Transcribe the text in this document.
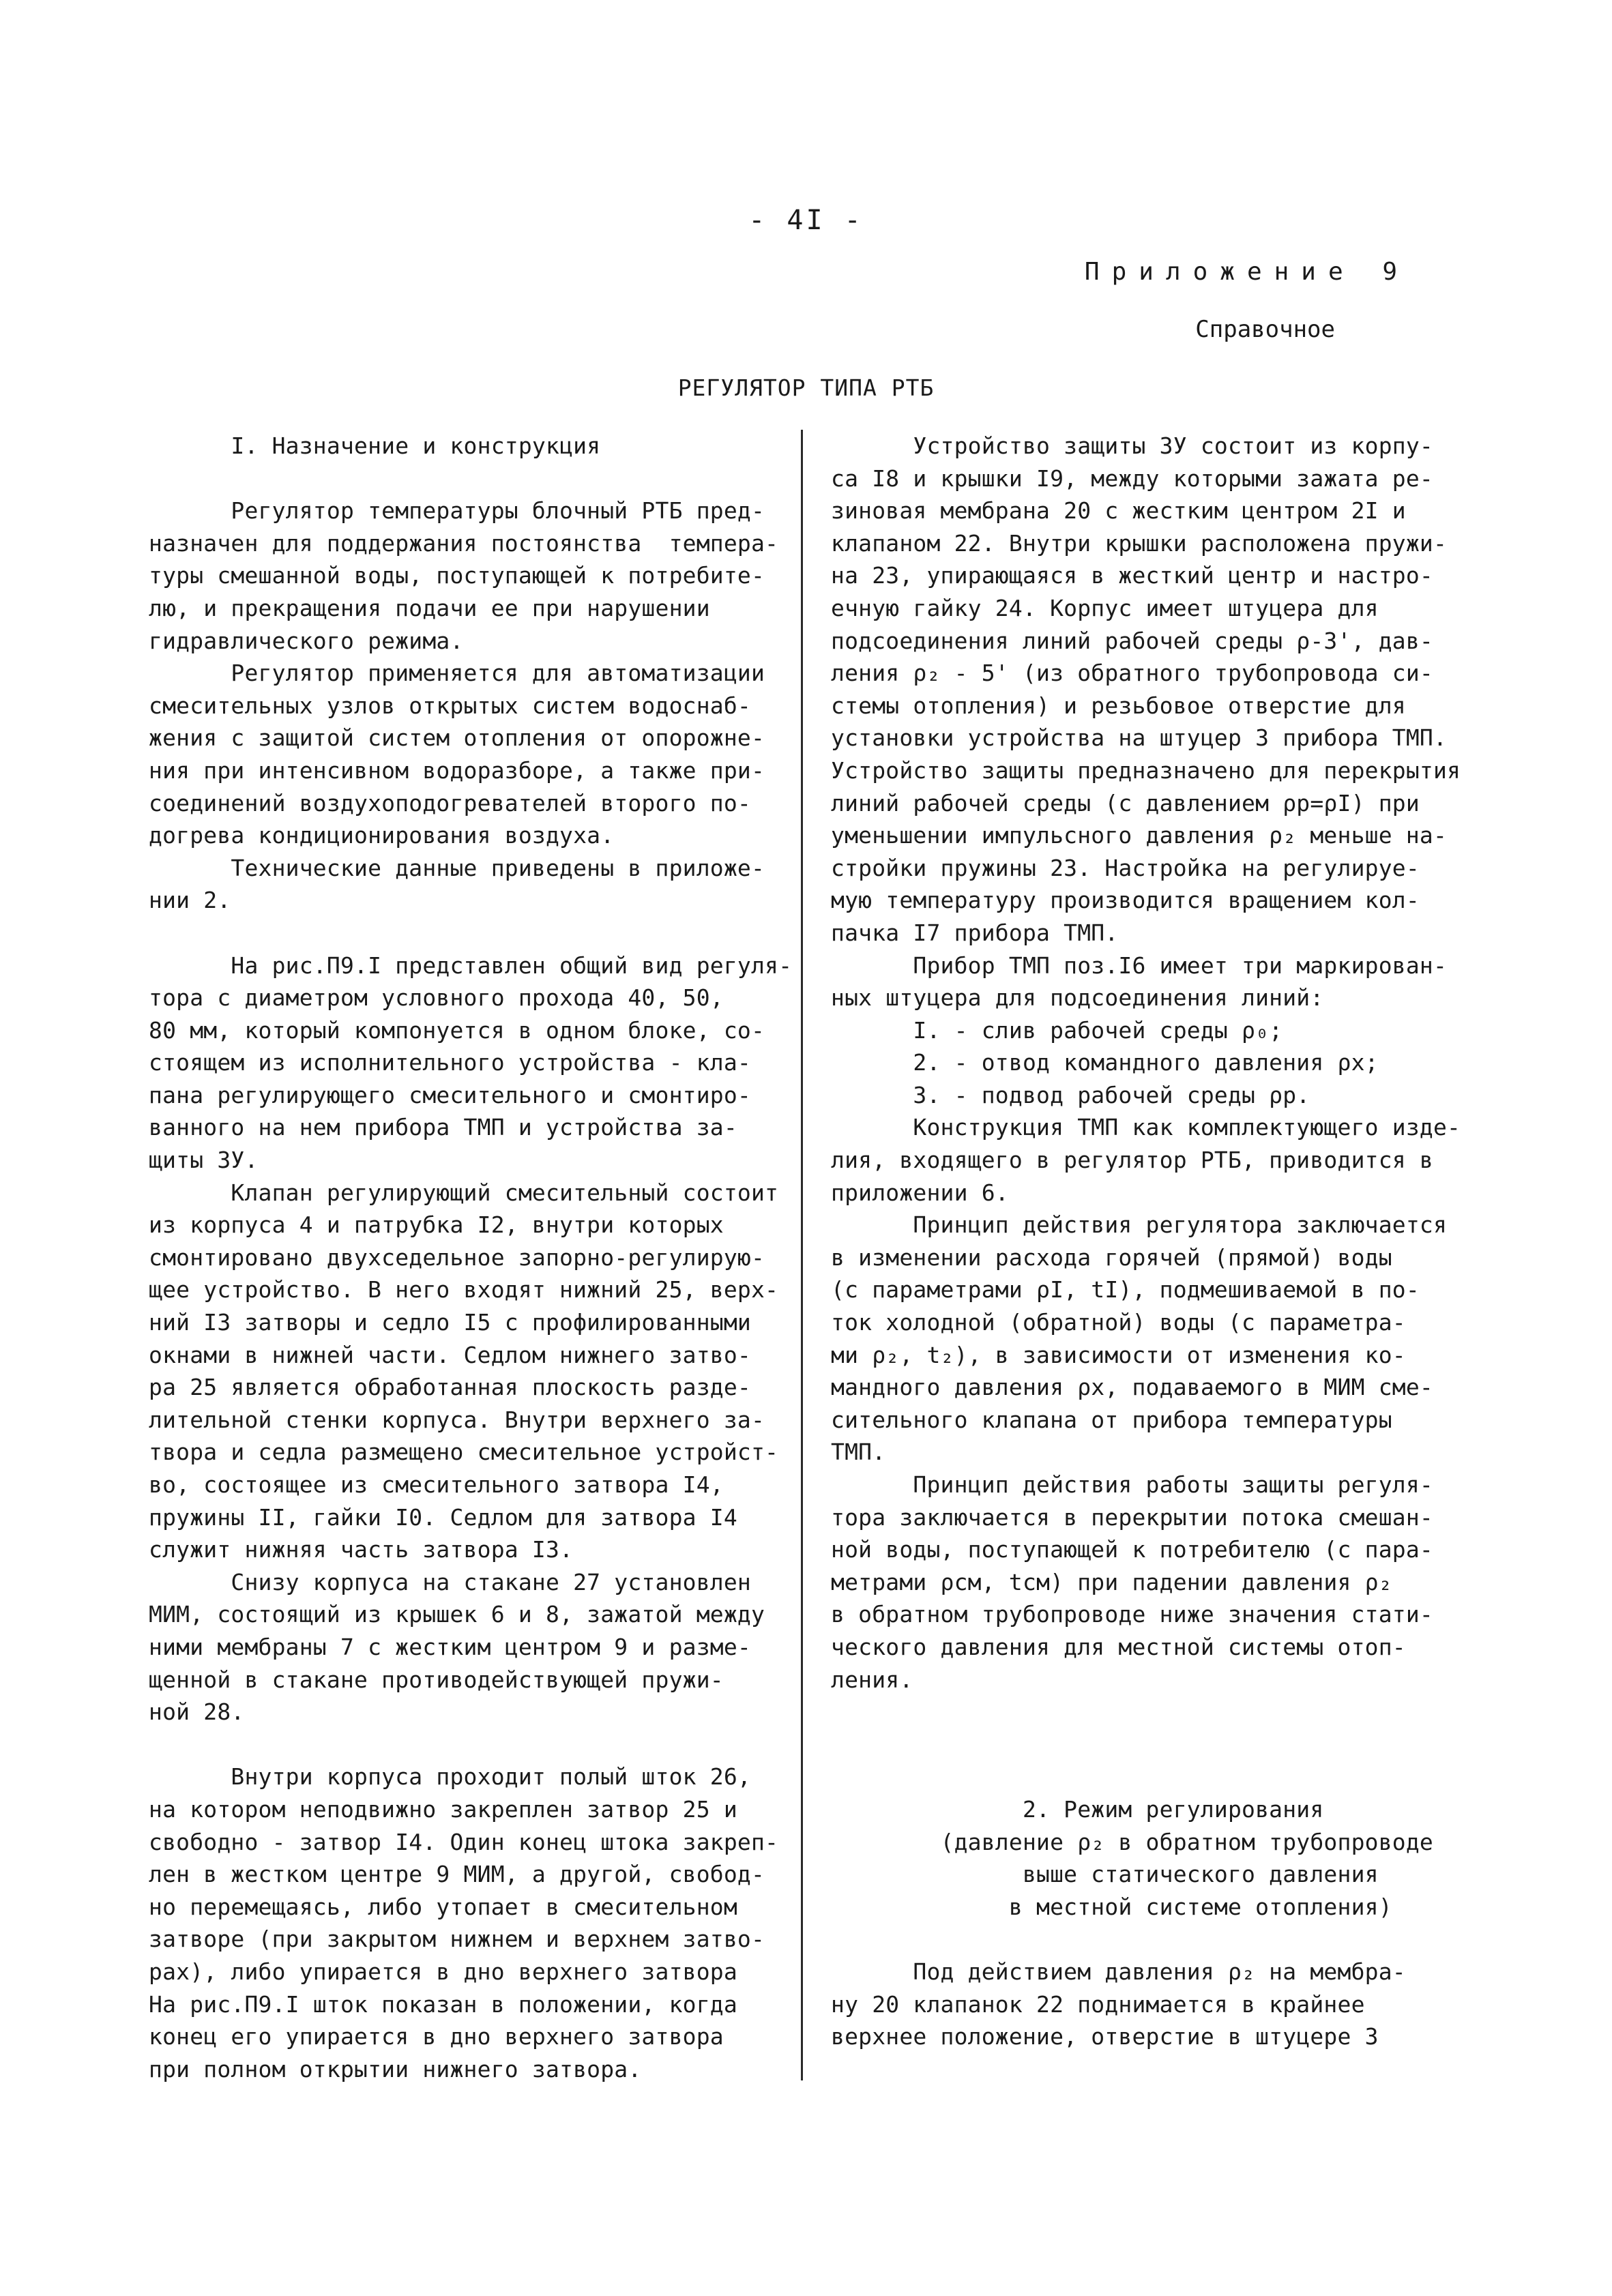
- 4I -
Приложение 9
Справочное
РЕГУЛЯТОР ТИПА РТБ
I. Назначение и конструкция

Регулятор температуры блочный РТБ пред-
назначен для поддержания постоянства  темпера-
туры смешанной воды, поступающей к потребите-
лю, и прекращения подачи ее при нарушении
гидравлического режима.
Регулятор применяется для автоматизации
смесительных узлов открытых систем водоснаб-
жения с защитой систем отопления от опорожне-
ния при интенсивном водоразборе, а также при-
соединений воздухоподогревателей второго по-
догрева кондиционирования воздуха.
Технические данные приведены в приложе-
нии 2.

На рис.П9.I представлен общий вид регуля-
тора с диаметром условного прохода 40, 50,
80 мм, который компонуется в одном блоке, со-
стоящем из исполнительного устройства - кла-
пана регулирующего смесительного и смонтиро-
ванного на нем прибора ТМП и устройства за-
щиты ЗУ.
Клапан регулирующий смесительный состоит
из корпуса 4 и патрубка I2, внутри которых
смонтировано двухседельное запорно-регулирую-
щее устройство. В него входят нижний 25, верх-
ний I3 затворы и седло I5 с профилированными
окнами в нижней части. Седлом нижнего затво-
ра 25 является обработанная плоскость разде-
лительной стенки корпуса. Внутри верхнего за-
твора и седла размещено смесительное устройст-
во, состоящее из смесительного затвора I4,
пружины II, гайки I0. Седлом для затвора I4
служит нижняя часть затвора I3.
Снизу корпуса на стакане 27 установлен
МИМ, состоящий из крышек 6 и 8, зажатой между
ними мембраны 7 с жестким центром 9 и разме-
щенной в стакане противодействующей пружи-
ной 28.

Внутри корпуса проходит полый шток 26,
на котором неподвижно закреплен затвор 25 и
свободно - затвор I4. Один конец штока закреп-
лен в жестком центре 9 МИМ, а другой, свобод-
но перемещаясь, либо утопает в смесительном
затворе (при закрытом нижнем и верхнем затво-
рах), либо упирается в дно верхнего затвора
На рис.П9.I шток показан в положении, когда
конец его упирается в дно верхнего затвора
при полном открытии нижнего затвора.
Устройство защиты ЗУ состоит из корпу-
са I8 и крышки I9, между которыми зажата ре-
зиновая мембрана 20 с жестким центром 2I и
клапаном 22. Внутри крышки расположена пружи-
на 23, упирающаяся в жесткий центр и настро-
ечную гайку 24. Корпус имеет штуцера для
подсоединения линий рабочей среды ρ-3', дав-
ления ρ₂ - 5' (из обратного трубопровода си-
стемы отопления) и резьбовое отверстие для
установки устройства на штуцер 3 прибора ТМП.
Устройство защиты предназначено для перекрытия
линий рабочей среды (с давлением ρр=ρI) при
уменьшении импульсного давления ρ₂ меньше на-
стройки пружины 23. Настройка на регулируе-
мую температуру производится вращением кол-
пачка I7 прибора ТМП.
Прибор ТМП поз.I6 имеет три маркирован-
ных штуцера для подсоединения линий:
I. - слив рабочей среды ρ₀;
2. - отвод командного давления ρх;
3. - подвод рабочей среды ρр.
Конструкция ТМП как комплектующего изде-
лия, входящего в регулятор РТБ, приводится в
приложении 6.
Принцип действия регулятора заключается
в изменении расхода горячей (прямой) воды
(с параметрами ρI, tI), подмешиваемой в по-
ток холодной (обратной) воды (с параметра-
ми ρ₂, t₂), в зависимости от изменения ко-
мандного давления ρх, подаваемого в МИМ сме-
сительного клапана от прибора температуры
ТМП.
Принцип действия работы защиты регуля-
тора заключается в перекрытии потока смешан-
ной воды, поступающей к потребителю (с пара-
метрами ρсм, tсм) при падении давления ρ₂
в обратном трубопроводе ниже значения стати-
ческого давления для местной системы отоп-
ления.

2. Режим регулирования
(давление ρ₂ в обратном трубопроводе
выше статического давления
в местной системе отопления)

Под действием давления ρ₂ на мембра-
ну 20 клапанок 22 поднимается в крайнее
верхнее положение, отверстие в штуцере 3
